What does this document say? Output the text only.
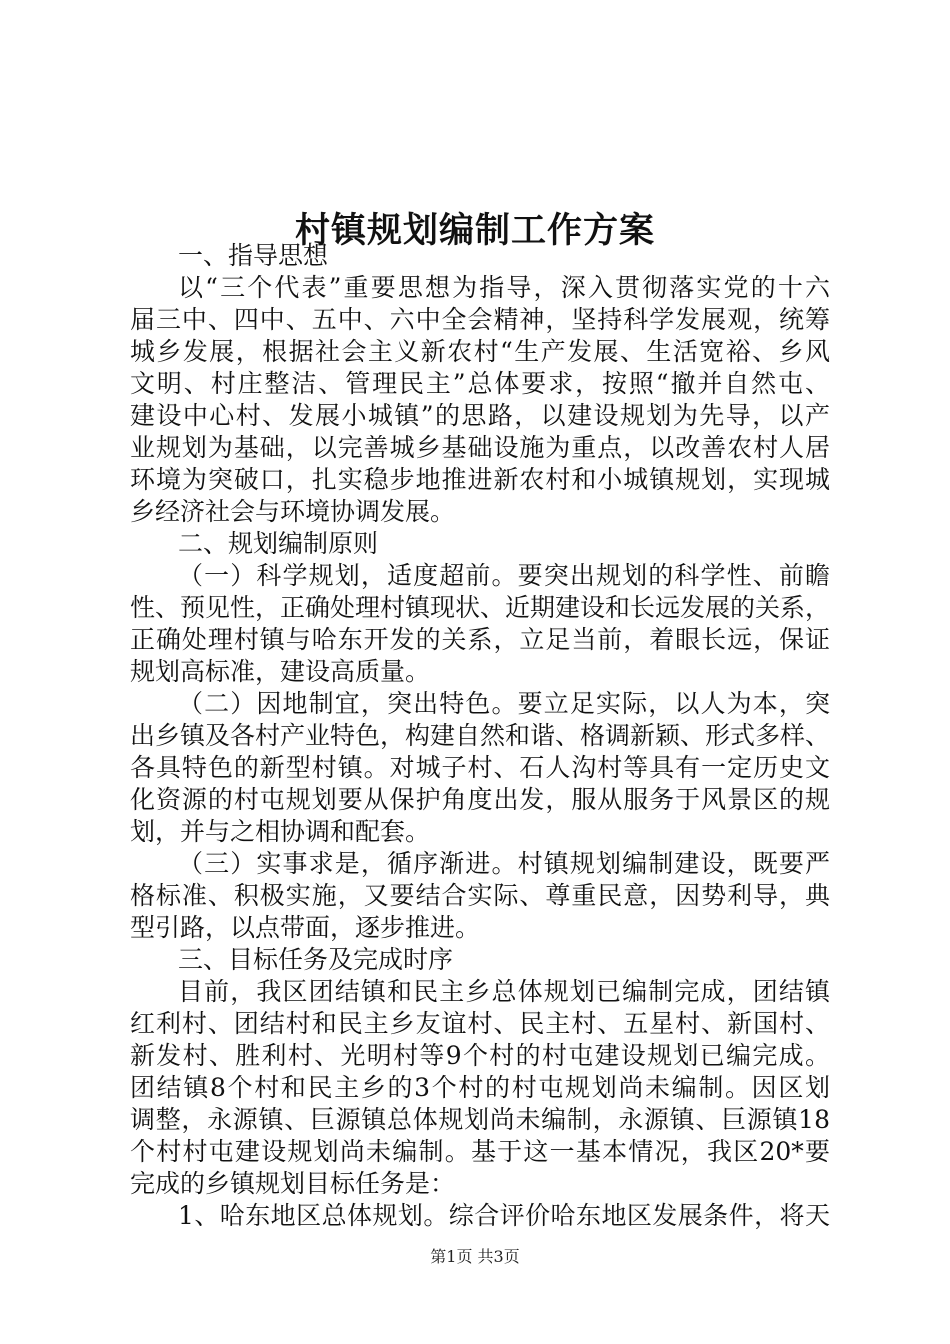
村镇规划编制工作方案
一、指导思想
以“三个代表”重要思想为指导，深入贯彻落实党的十六
届三中、四中、五中、六中全会精神，坚持科学发展观，统筹
城乡发展，根据社会主义新农村“生产发展、生活宽裕、乡风
文明、村庄整洁、管理民主”总体要求，按照“撤并自然屯、
建设中心村、发展小城镇”的思路，以建设规划为先导，以产
业规划为基础，以完善城乡基础设施为重点，以改善农村人居
环境为突破口，扎实稳步地推进新农村和小城镇规划，实现城
乡经济社会与环境协调发展。
二、规划编制原则
（一）科学规划，适度超前。要突出规划的科学性、前瞻
性、预见性，正确处理村镇现状、近期建设和长远发展的关系，
正确处理村镇与哈东开发的关系，立足当前，着眼长远，保证
规划高标准，建设高质量。
（二）因地制宜，突出特色。要立足实际，以人为本，突
出乡镇及各村产业特色，构建自然和谐、格调新颖、形式多样、
各具特色的新型村镇。对城子村、石人沟村等具有一定历史文
化资源的村屯规划要从保护角度出发，服从服务于风景区的规
划，并与之相协调和配套。
（三）实事求是，循序渐进。村镇规划编制建设，既要严
格标准、积极实施，又要结合实际、尊重民意，因势利导，典
型引路，以点带面，逐步推进。
三、目标任务及完成时序
目前，我区团结镇和民主乡总体规划已编制完成，团结镇
红利村、团结村和民主乡友谊村、民主村、五星村、新国村、
新发村、胜利村、光明村等9个村的村屯建设规划已编完成。
团结镇8个村和民主乡的3个村的村屯规划尚未编制。因区划
调整，永源镇、巨源镇总体规划尚未编制，永源镇、巨源镇18
个村村屯建设规划尚未编制。基于这一基本情况，我区20*要
完成的乡镇规划目标任务是：
1、哈东地区总体规划。综合评价哈东地区发展条件，将天
第1页 共3页
